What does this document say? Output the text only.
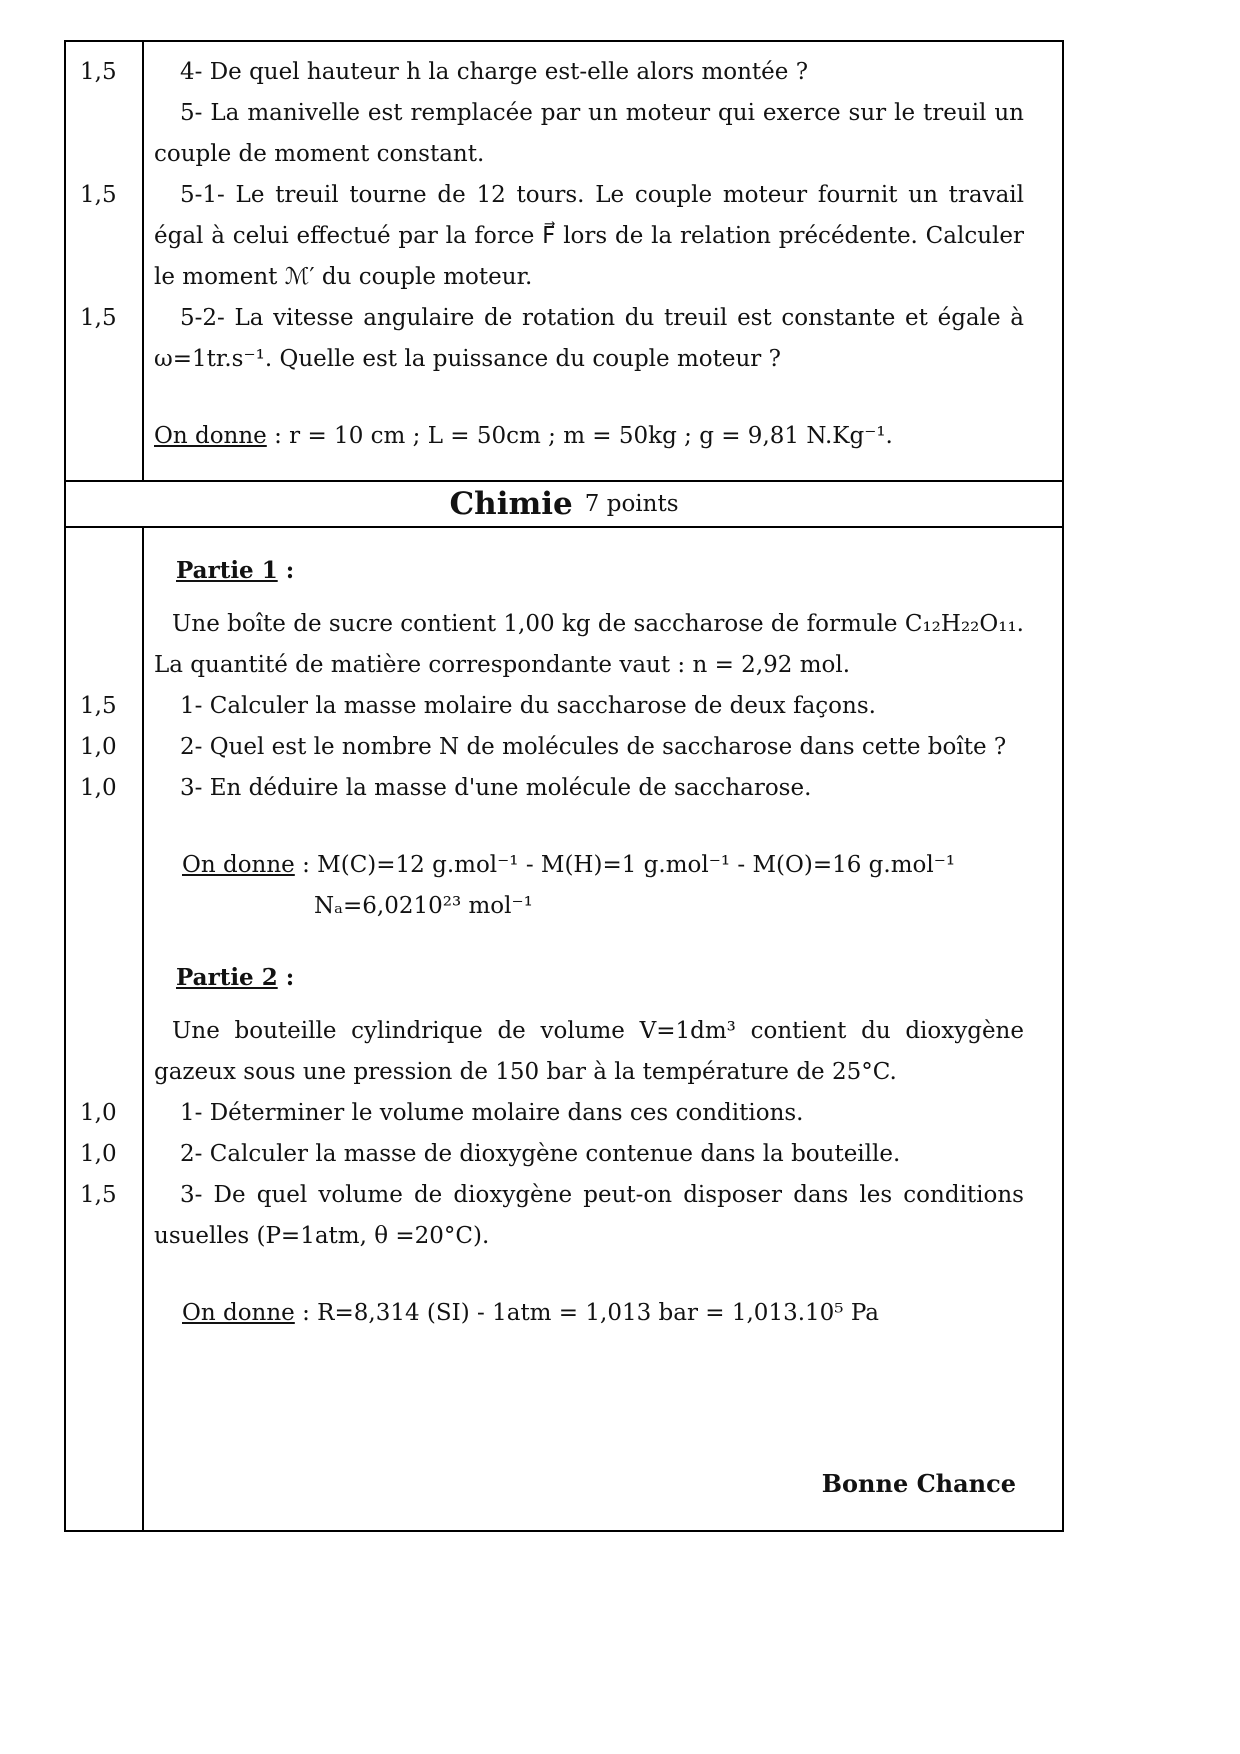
1,5	4- De quel hauteur h la charge est-elle alors montée ?

5- La manivelle est remplacée par un moteur qui exerce sur le treuil un couple de moment constant.

1,5	5-1- Le treuil tourne de 12 tours. Le couple moteur fournit un travail égal à celui effectué par la force F⃗ lors de la relation précédente. Calculer le moment ℳ′ du couple moteur.

1,5	5-2- La vitesse angulaire de rotation du treuil est constante et égale à ω=1tr.s⁻¹. Quelle est la puissance du couple moteur ?

On donne : r = 10 cm ; L = 50cm ; m = 50kg ; g = 9,81 N.Kg⁻¹.

Chimie 7 points

Partie 1 :

Une boîte de sucre contient 1,00 kg de saccharose de formule C₁₂H₂₂O₁₁. La quantité de matière correspondante vaut : n = 2,92 mol.

1,5	1- Calculer la masse molaire du saccharose de deux façons.

1,0	2- Quel est le nombre N de molécules de saccharose dans cette boîte ?

1,0	3- En déduire la masse d'une molécule de saccharose.

On donne : M(C)=12 g.mol⁻¹ - M(H)=1 g.mol⁻¹ - M(O)=16 g.mol⁻¹

Nₐ=6,0210²³ mol⁻¹

Partie 2 :

Une bouteille cylindrique de volume V=1dm³ contient du dioxygène gazeux sous une pression de 150 bar à la température de 25°C.

1,0	1- Déterminer le volume molaire dans ces conditions.

1,0	2- Calculer la masse de dioxygène contenue dans la bouteille.

1,5	3- De quel volume de dioxygène peut-on disposer dans les conditions usuelles (P=1atm, θ =20°C).

On donne : R=8,314 (SI) - 1atm = 1,013 bar = 1,013.10⁵ Pa

Bonne Chance
